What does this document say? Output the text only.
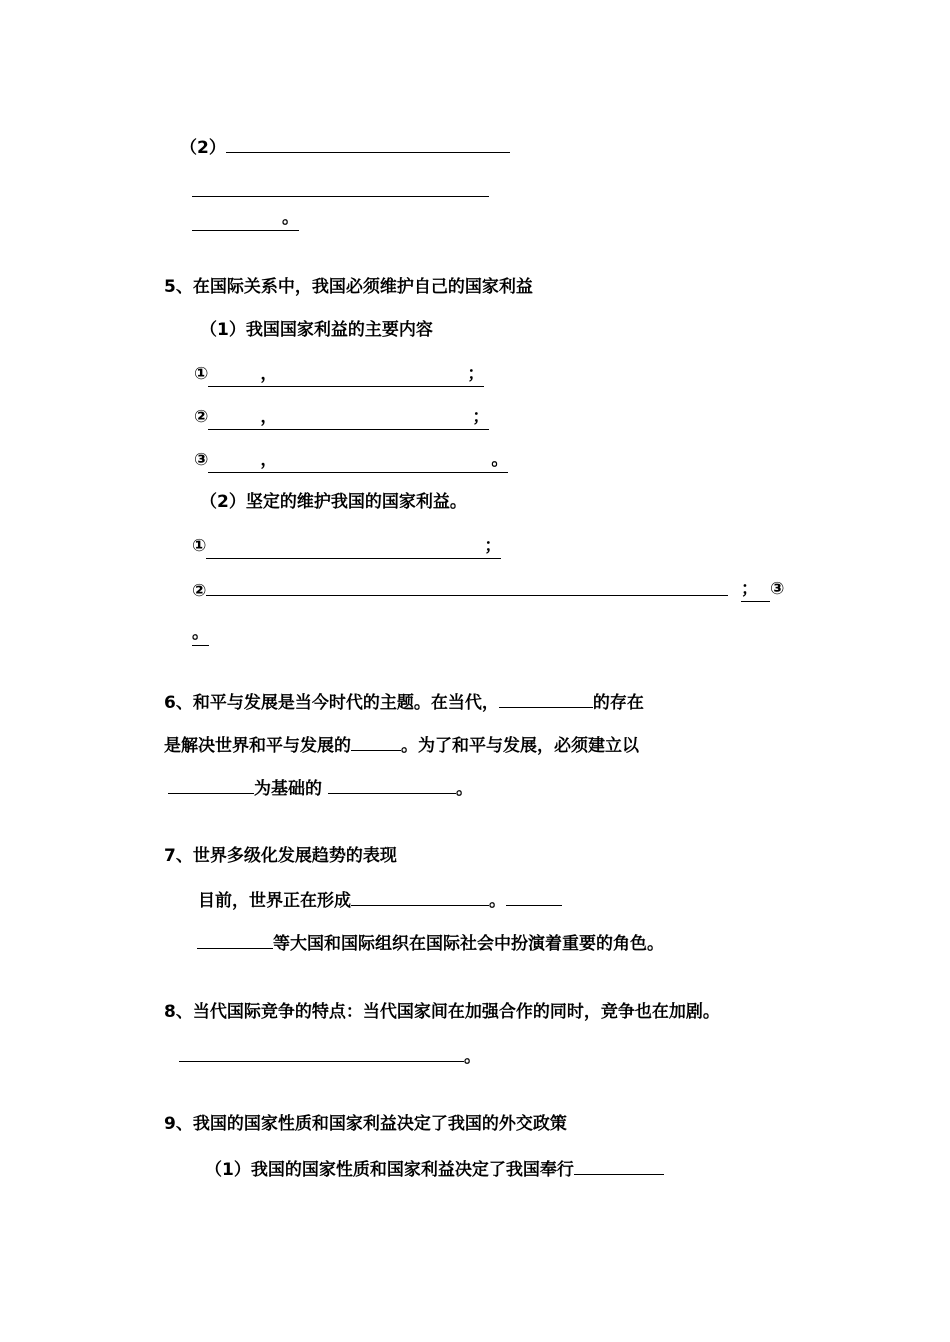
（2）
。
5、在国际关系中，我国必须维护自己的国家利益
（1）我国国家利益的主要内容
①	，	；
②	，	；
③	，	。
（2）坚定的维护我国的国家利益。
①	；
②	； ③
。
6、和平与发展是当今时代的主题。在当代，	的存在
是解决世界和平与发展的	。为了和平与发展，必须建立以
为基础的	。
7、世界多级化发展趋势的表现
目前，世界正在形成	。
等大国和国际组织在国际社会中扮演着重要的角色。
8、当代国际竞争的特点：当代国家间在加强合作的同时，竞争也在加剧。
。
9、我国的国家性质和国家利益决定了我国的外交政策
（1）我国的国家性质和国家利益决定了我国奉行
